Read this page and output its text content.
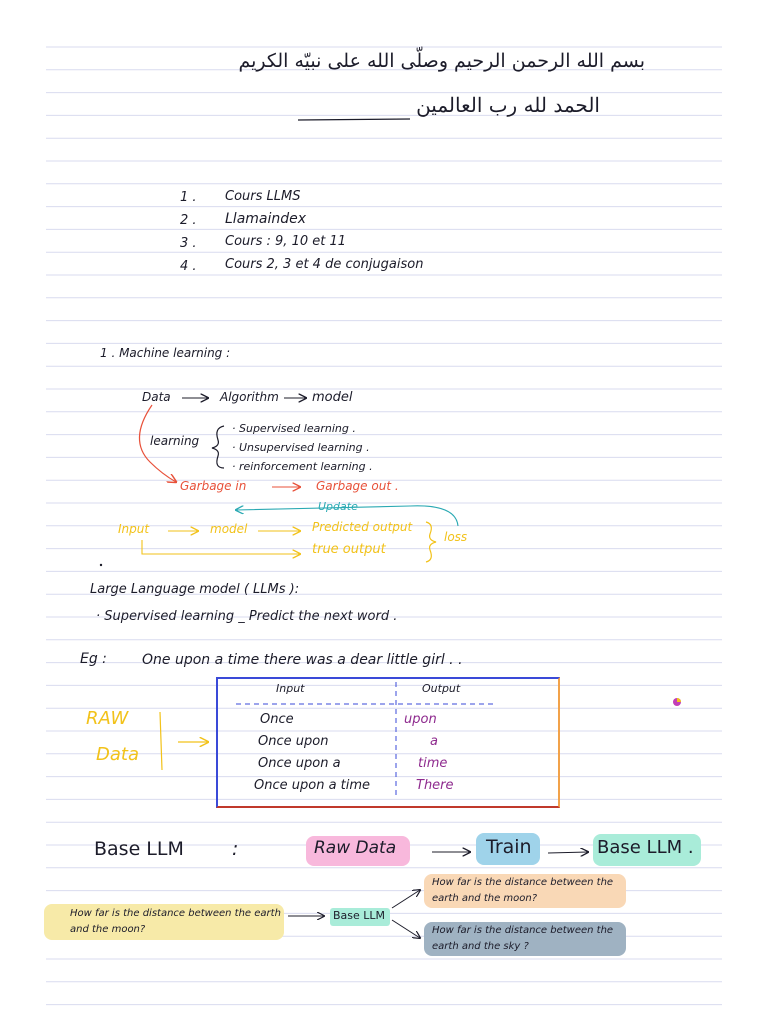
بسم الله الرحمن الرحيم وصلّى الله على نبيّه الكريم
الحمد لله رب العالمين
1 . Cours LLMS
2 . Llamaindex
3 . Cours : 9, 10 et 11
4 . Cours 2, 3 et 4 de conjugaison
1 . Machine learning :
Data	Algorithm	model
learning
· Supervised learning .
· Unsupervised learning .
· reinforcement learning .
Garbage in	Garbage out .
Update
Input	model	Predicted output
true output
loss
Large Language model ( LLMs ):
· Supervised learning _ Predict the next word .
Eg :	One upon a time there was a dear little girl . .
RAW
Data
Input	Output
Once	upon
Once upon	a
Once upon a	time
Once upon a time	There
Base LLM	:	Raw Data	Train	Base LLM .
How far is the distance between the earth and the moon?
Base LLM
How far is the distance between the earth and the moon?
How far is the distance between the earth and the sky ?
